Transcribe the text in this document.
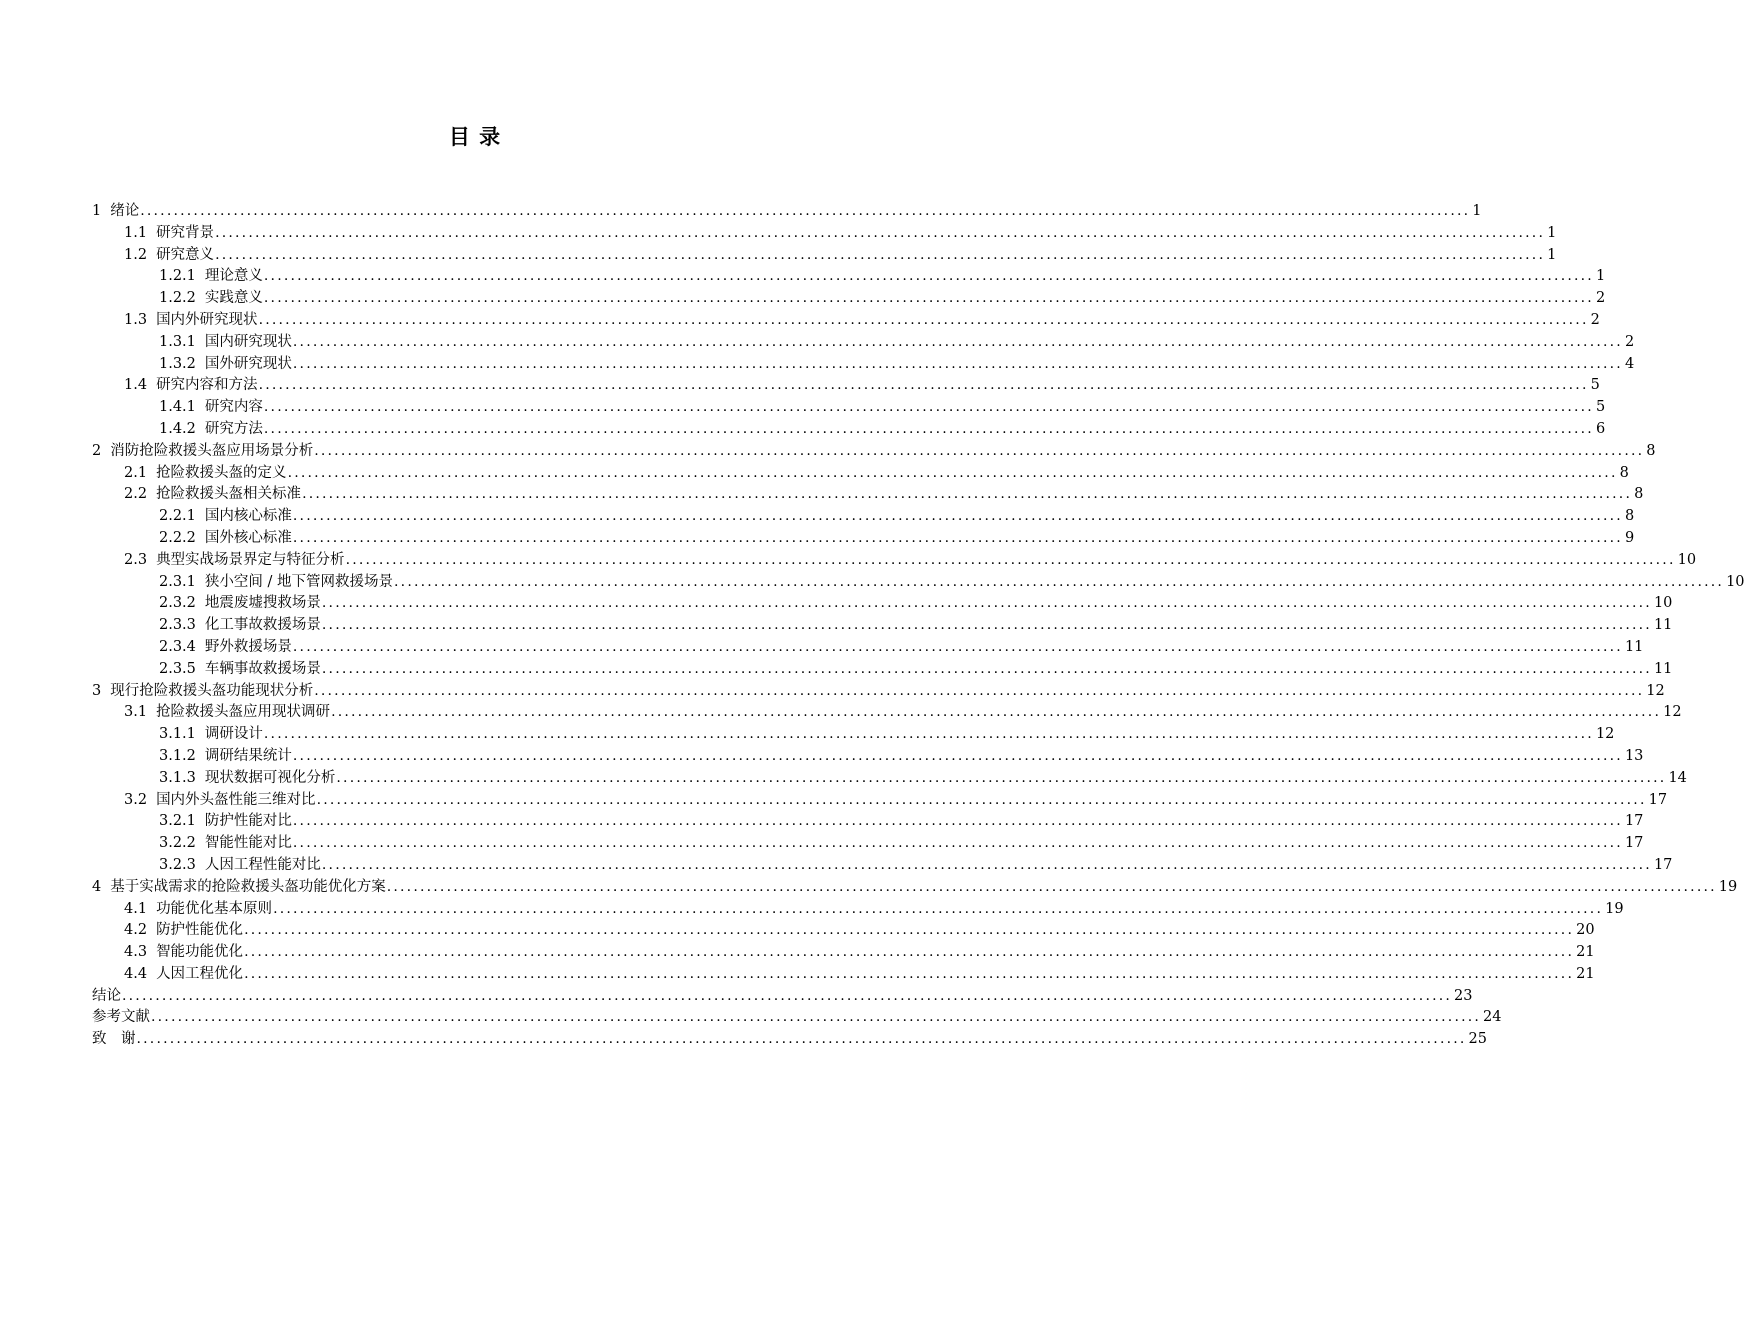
目 录
1 绪论 ........................................................................................................................................................................................................ 1
1.1 研究背景 ........................................................................................................................................................................................................ 1
1.2 研究意义 ........................................................................................................................................................................................................ 1
1.2.1 理论意义 ........................................................................................................................................................................................................ 1
1.2.2 实践意义 ........................................................................................................................................................................................................ 2
1.3 国内外研究现状 ........................................................................................................................................................................................................ 2
1.3.1 国内研究现状 ........................................................................................................................................................................................................ 2
1.3.2 国外研究现状 ........................................................................................................................................................................................................ 4
1.4 研究内容和方法 ........................................................................................................................................................................................................ 5
1.4.1 研究内容 ........................................................................................................................................................................................................ 5
1.4.2 研究方法 ........................................................................................................................................................................................................ 6
2 消防抢险救援头盔应用场景分析 ........................................................................................................................................................................................................ 8
2.1 抢险救援头盔的定义 ........................................................................................................................................................................................................ 8
2.2 抢险救援头盔相关标准 ........................................................................................................................................................................................................ 8
2.2.1 国内核心标准 ........................................................................................................................................................................................................ 8
2.2.2 国外核心标准 ........................................................................................................................................................................................................ 9
2.3 典型实战场景界定与特征分析 ........................................................................................................................................................................................................ 10
2.3.1 狭小空间 / 地下管网救援场景 ........................................................................................................................................................................................................ 10
2.3.2 地震废墟搜救场景 ........................................................................................................................................................................................................ 10
2.3.3 化工事故救援场景 ........................................................................................................................................................................................................ 11
2.3.4 野外救援场景 ........................................................................................................................................................................................................ 11
2.3.5 车辆事故救援场景 ........................................................................................................................................................................................................ 11
3 现行抢险救援头盔功能现状分析 ........................................................................................................................................................................................................ 12
3.1 抢险救援头盔应用现状调研 ........................................................................................................................................................................................................ 12
3.1.1 调研设计 ........................................................................................................................................................................................................ 12
3.1.2 调研结果统计 ........................................................................................................................................................................................................ 13
3.1.3 现状数据可视化分析 ........................................................................................................................................................................................................ 14
3.2 国内外头盔性能三维对比 ........................................................................................................................................................................................................ 17
3.2.1 防护性能对比 ........................................................................................................................................................................................................ 17
3.2.2 智能性能对比 ........................................................................................................................................................................................................ 17
3.2.3 人因工程性能对比 ........................................................................................................................................................................................................ 17
4 基于实战需求的抢险救援头盔功能优化方案 ........................................................................................................................................................................................................ 19
4.1 功能优化基本原则 ........................................................................................................................................................................................................ 19
4.2 防护性能优化 ........................................................................................................................................................................................................ 20
4.3 智能功能优化 ........................................................................................................................................................................................................ 21
4.4 人因工程优化 ........................................................................................................................................................................................................ 21
结论 ........................................................................................................................................................................................................ 23
参考文献 ........................................................................................................................................................................................................ 24
致　谢 ........................................................................................................................................................................................................ 25
